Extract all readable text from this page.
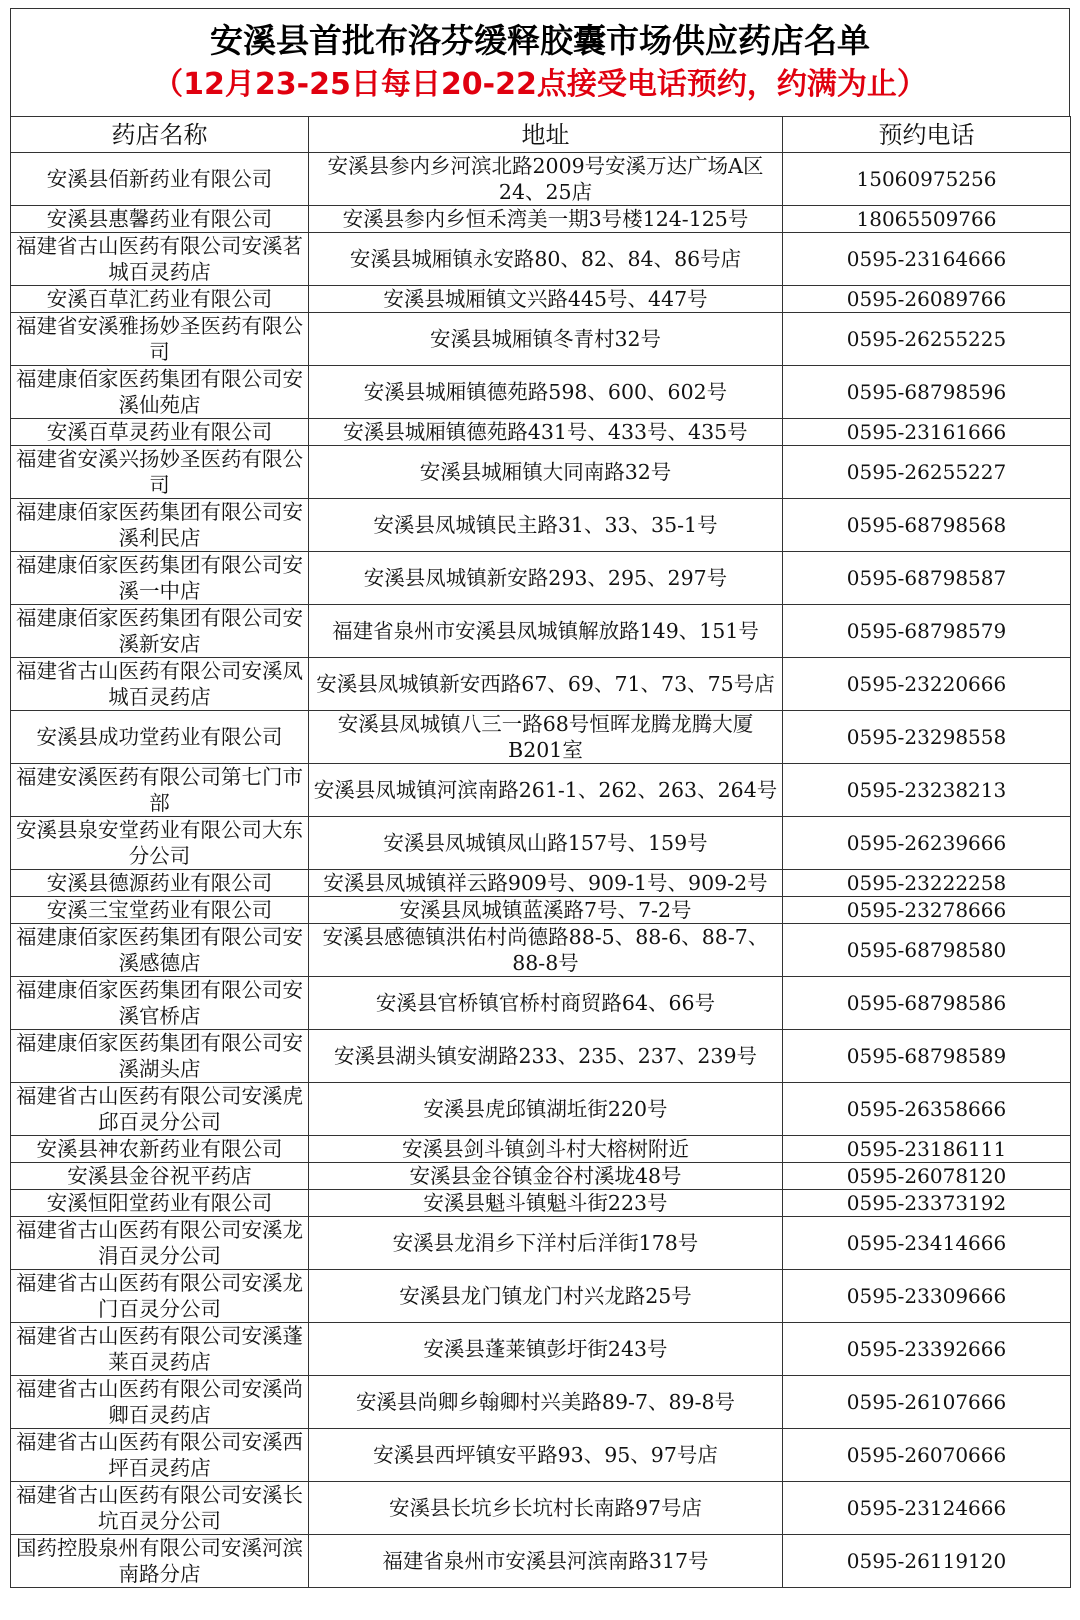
安溪县首批布洛芬缓释胶囊市场供应药店名单
（12月23-25日每日20-22点接受电话预约，约满为止）
药店名称	地址	预约电话
安溪县佰新药业有限公司	安溪县参内乡河滨北路2009号安溪万达广场A区24、25店	15060975256
安溪县惠馨药业有限公司	安溪县参内乡恒禾湾美一期3号楼124-125号	18065509766
福建省古山医药有限公司安溪茗城百灵药店	安溪县城厢镇永安路80、82、84、86号店	0595-23164666
安溪百草汇药业有限公司	安溪县城厢镇文兴路445号、447号	0595-26089766
福建省安溪雅扬妙圣医药有限公司	安溪县城厢镇冬青村32号	0595-26255225
福建康佰家医药集团有限公司安溪仙苑店	安溪县城厢镇德苑路598、600、602号	0595-68798596
安溪百草灵药业有限公司	安溪县城厢镇德苑路431号、433号、435号	0595-23161666
福建省安溪兴扬妙圣医药有限公司	安溪县城厢镇大同南路32号	0595-26255227
福建康佰家医药集团有限公司安溪利民店	安溪县凤城镇民主路31、33、35-1号	0595-68798568
福建康佰家医药集团有限公司安溪一中店	安溪县凤城镇新安路293、295、297号	0595-68798587
福建康佰家医药集团有限公司安溪新安店	福建省泉州市安溪县凤城镇解放路149、151号	0595-68798579
福建省古山医药有限公司安溪凤城百灵药店	安溪县凤城镇新安西路67、69、71、73、75号店	0595-23220666
安溪县成功堂药业有限公司	安溪县凤城镇八三一路68号恒晖龙腾龙腾大厦B201室	0595-23298558
福建安溪医药有限公司第七门市部	安溪县凤城镇河滨南路261-1、262、263、264号	0595-23238213
安溪县泉安堂药业有限公司大东分公司	安溪县凤城镇凤山路157号、159号	0595-26239666
安溪县德源药业有限公司	安溪县凤城镇祥云路909号、909-1号、909-2号	0595-23222258
安溪三宝堂药业有限公司	安溪县凤城镇蓝溪路7号、7-2号	0595-23278666
福建康佰家医药集团有限公司安溪感德店	安溪县感德镇洪佑村尚德路88-5、88-6、88-7、88-8号	0595-68798580
福建康佰家医药集团有限公司安溪官桥店	安溪县官桥镇官桥村商贸路64、66号	0595-68798586
福建康佰家医药集团有限公司安溪湖头店	安溪县湖头镇安湖路233、235、237、239号	0595-68798589
福建省古山医药有限公司安溪虎邱百灵分公司	安溪县虎邱镇湖坵街220号	0595-26358666
安溪县神农新药业有限公司	安溪县剑斗镇剑斗村大榕树附近	0595-23186111
安溪县金谷祝平药店	安溪县金谷镇金谷村溪垅48号	0595-26078120
安溪恒阳堂药业有限公司	安溪县魁斗镇魁斗街223号	0595-23373192
福建省古山医药有限公司安溪龙涓百灵分公司	安溪县龙涓乡下洋村后洋街178号	0595-23414666
福建省古山医药有限公司安溪龙门百灵分公司	安溪县龙门镇龙门村兴龙路25号	0595-23309666
福建省古山医药有限公司安溪蓬莱百灵药店	安溪县蓬莱镇彭圩街243号	0595-23392666
福建省古山医药有限公司安溪尚卿百灵药店	安溪县尚卿乡翰卿村兴美路89-7、89-8号	0595-26107666
福建省古山医药有限公司安溪西坪百灵药店	安溪县西坪镇安平路93、95、97号店	0595-26070666
福建省古山医药有限公司安溪长坑百灵分公司	安溪县长坑乡长坑村长南路97号店	0595-23124666
国药控股泉州有限公司安溪河滨南路分店	福建省泉州市安溪县河滨南路317号	0595-26119120
